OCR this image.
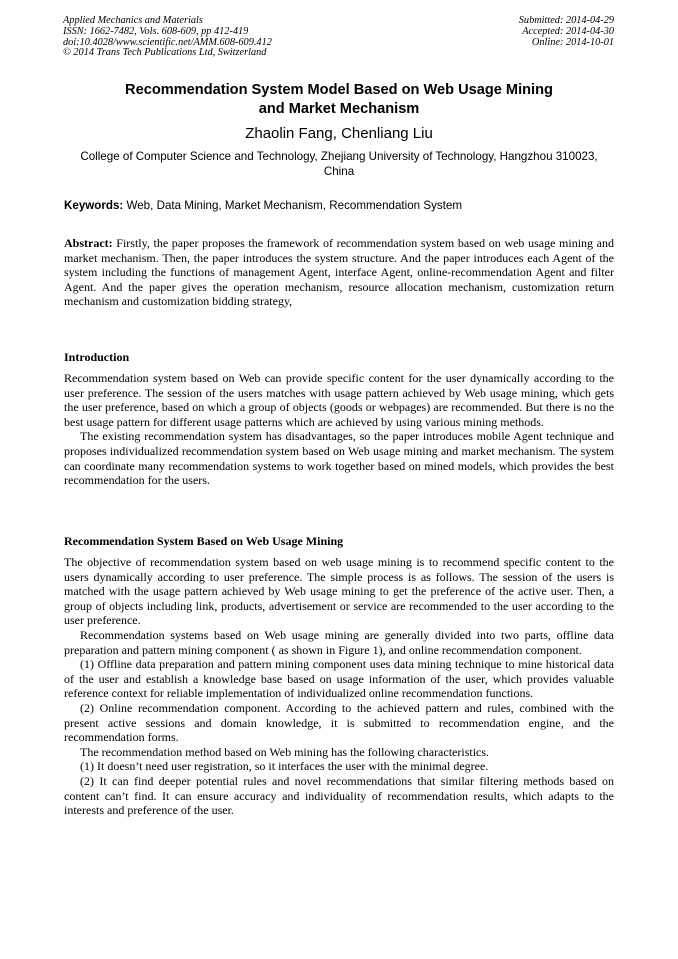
Applied Mechanics and Materials
ISSN: 1662-7482, Vols. 608-609, pp 412-419
doi:10.4028/www.scientific.net/AMM.608-609.412
© 2014 Trans Tech Publications Ltd, Switzerland
Submitted: 2014-04-29
Accepted: 2014-04-30
Online: 2014-10-01
Recommendation System Model Based on Web Usage Mining
and Market Mechanism
Zhaolin Fang, Chenliang Liu
College of Computer Science and Technology, Zhejiang University of Technology, Hangzhou 310023, China
Keywords: Web, Data Mining, Market Mechanism, Recommendation System

Abstract: Firstly, the paper proposes the framework of recommendation system based on web usage mining and market mechanism. Then, the paper introduces the system structure. And the paper introduces each Agent of the system including the functions of management Agent, interface Agent, online-recommendation Agent and filter Agent. And the paper gives the operation mechanism, resource allocation mechanism, customization return mechanism and customization bidding strategy,

Introduction

Recommendation system based on Web can provide specific content for the user dynamically according to the user preference. The session of the users matches with usage pattern achieved by Web usage mining, which gets the user preference, based on which a group of objects (goods or webpages) are recommended. But there is no the best usage pattern for different usage patterns which are achieved by using various mining methods.

The existing recommendation system has disadvantages, so the paper introduces mobile Agent technique and proposes individualized recommendation system based on Web usage mining and market mechanism. The system can coordinate many recommendation systems to work together based on mined models, which provides the best recommendation for the users.

Recommendation System Based on Web Usage Mining

The objective of recommendation system based on web usage mining is to recommend specific content to the users dynamically according to user preference. The simple process is as follows. The session of the users is matched with the usage pattern achieved by Web usage mining to get the preference of the active user. Then, a group of objects including link, products, advertisement or service are recommended to the user according to the user preference.

Recommendation systems based on Web usage mining are generally divided into two parts, offline data preparation and pattern mining component ( as shown in Figure 1), and online recommendation component.

(1) Offline data preparation and pattern mining component uses data mining technique to mine historical data of the user and establish a knowledge base based on usage information of the user, which provides valuable reference context for reliable implementation of individualized online recommendation functions.

(2) Online recommendation component. According to the achieved pattern and rules, combined with the present active sessions and domain knowledge, it is submitted to recommendation engine, and the recommendation forms.

The recommendation method based on Web mining has the following characteristics.

(1) It doesn’t need user registration, so it interfaces the user with the minimal degree.

(2) It can find deeper potential rules and novel recommendations that similar filtering methods based on content can’t find. It can ensure accuracy and individuality of recommendation results, which adapts to the interests and preference of the user.
